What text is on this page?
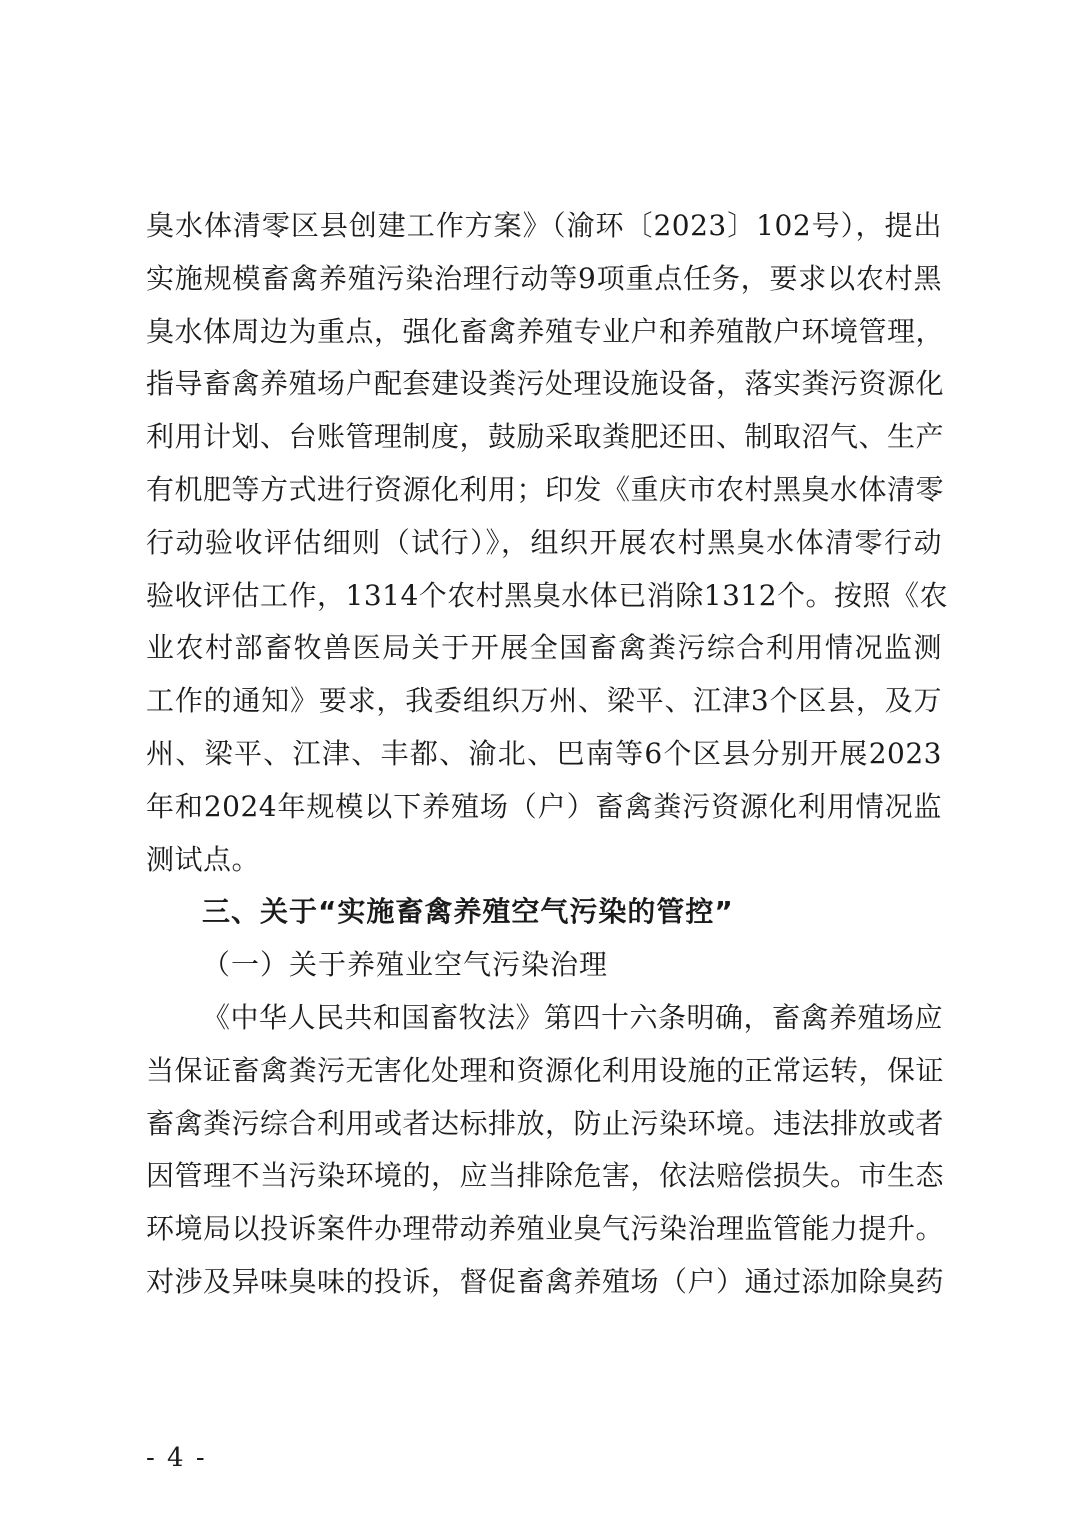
臭水体清零区县创建工作方案》（渝环〔2023〕102号），提出
实施规模畜禽养殖污染治理行动等9项重点任务，要求以农村黑
臭水体周边为重点，强化畜禽养殖专业户和养殖散户环境管理，
指导畜禽养殖场户配套建设粪污处理设施设备，落实粪污资源化
利用计划、台账管理制度，鼓励采取粪肥还田、制取沼气、生产
有机肥等方式进行资源化利用；印发《重庆市农村黑臭水体清零
行动验收评估细则（试行）》，组织开展农村黑臭水体清零行动
验收评估工作，1314个农村黑臭水体已消除1312个。按照《农
业农村部畜牧兽医局关于开展全国畜禽粪污综合利用情况监测
工作的通知》要求，我委组织万州、梁平、江津3个区县，及万
州、梁平、江津、丰都、渝北、巴南等6个区县分别开展2023
年和2024年规模以下养殖场（户）畜禽粪污资源化利用情况监
测试点。
三、关于“实施畜禽养殖空气污染的管控”
（一）关于养殖业空气污染治理
《中华人民共和国畜牧法》第四十六条明确，畜禽养殖场应
当保证畜禽粪污无害化处理和资源化利用设施的正常运转，保证
畜禽粪污综合利用或者达标排放，防止污染环境。违法排放或者
因管理不当污染环境的，应当排除危害，依法赔偿损失。市生态
环境局以投诉案件办理带动养殖业臭气污染治理监管能力提升。
对涉及异味臭味的投诉，督促畜禽养殖场（户）通过添加除臭药
- 4 -
